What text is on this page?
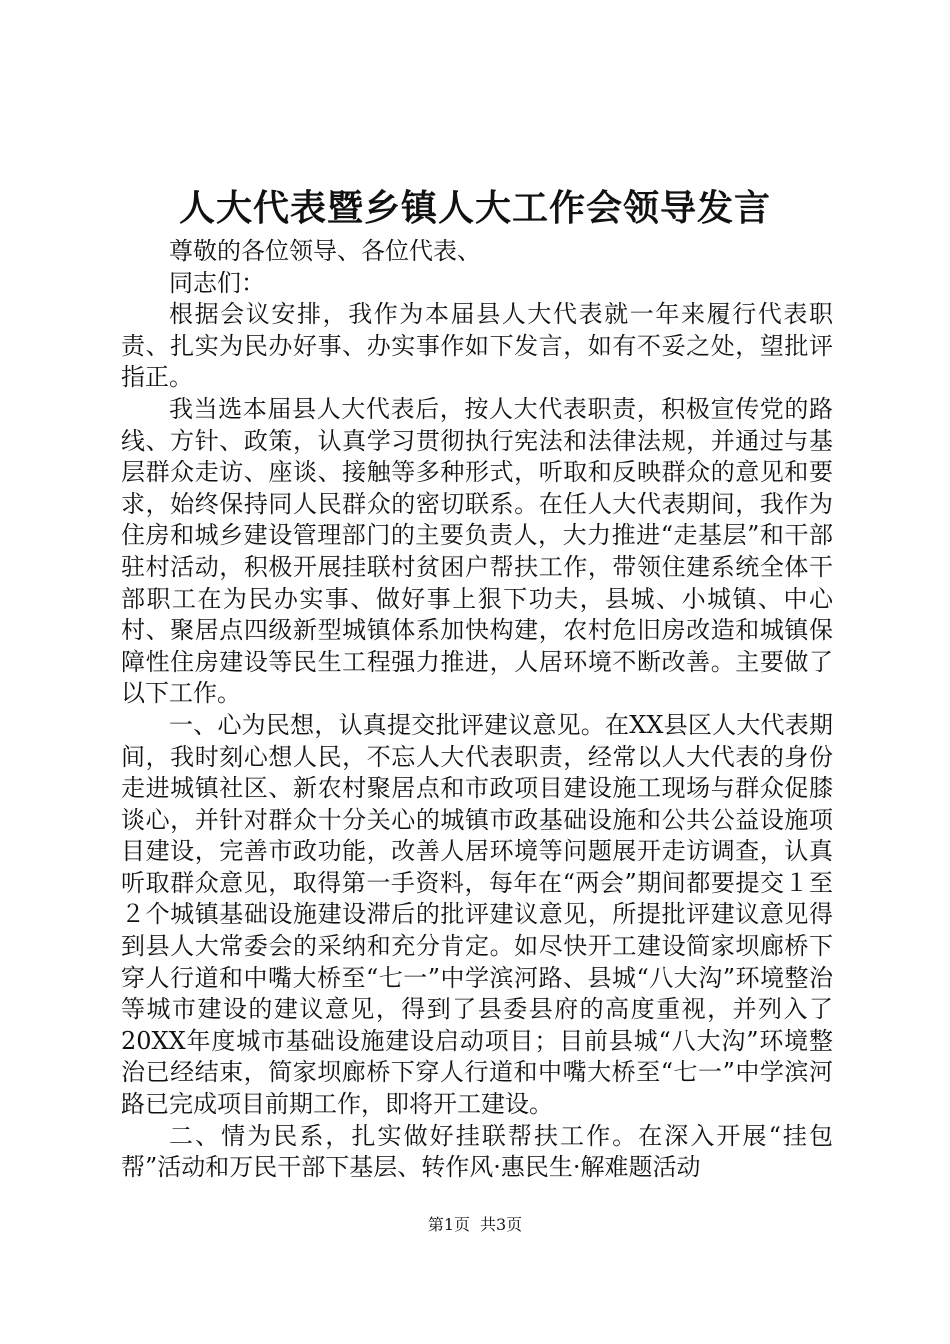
人大代表暨乡镇人大工作会领导发言

尊敬的各位领导、各位代表、

同志们：

根据会议安排，我作为本届县人大代表就一年来履行代表职责、扎实为民办好事、办实事作如下发言，如有不妥之处，望批评指正。

我当选本届县人大代表后，按人大代表职责，积极宣传党的路线、方针、政策，认真学习贯彻执行宪法和法律法规，并通过与基层群众走访、座谈、接触等多种形式，听取和反映群众的意见和要求，始终保持同人民群众的密切联系。在任人大代表期间，我作为住房和城乡建设管理部门的主要负责人，大力推进“走基层”和干部驻村活动，积极开展挂联村贫困户帮扶工作，带领住建系统全体干部职工在为民办实事、做好事上狠下功夫，县城、小城镇、中心村、聚居点四级新型城镇体系加快构建，农村危旧房改造和城镇保障性住房建设等民生工程强力推进，人居环境不断改善。主要做了以下工作。

一、心为民想，认真提交批评建议意见。在XX县区人大代表期间，我时刻心想人民，不忘人大代表职责，经常以人大代表的身份走进城镇社区、新农村聚居点和市政项目建设施工现场与群众促膝谈心，并针对群众十分关心的城镇市政基础设施和公共公益设施项目建设，完善市政功能，改善人居环境等问题展开走访调查，认真听取群众意见，取得第一手资料，每年在“两会”期间都要提交１至２个城镇基础设施建设滞后的批评建议意见，所提批评建议意见得到县人大常委会的采纳和充分肯定。如尽快开工建设简家坝廊桥下穿人行道和中嘴大桥至“七一”中学滨河路、县城“八大沟”环境整治等城市建设的建议意见，得到了县委县府的高度重视，并列入了20XX年度城市基础设施建设启动项目；目前县城“八大沟”环境整治已经结束，简家坝廊桥下穿人行道和中嘴大桥至“七一”中学滨河路已完成项目前期工作，即将开工建设。

二、情为民系，扎实做好挂联帮扶工作。在深入开展“挂包帮”活动和万民干部下基层、转作风·惠民生·解难题活动

第1页 共3页
